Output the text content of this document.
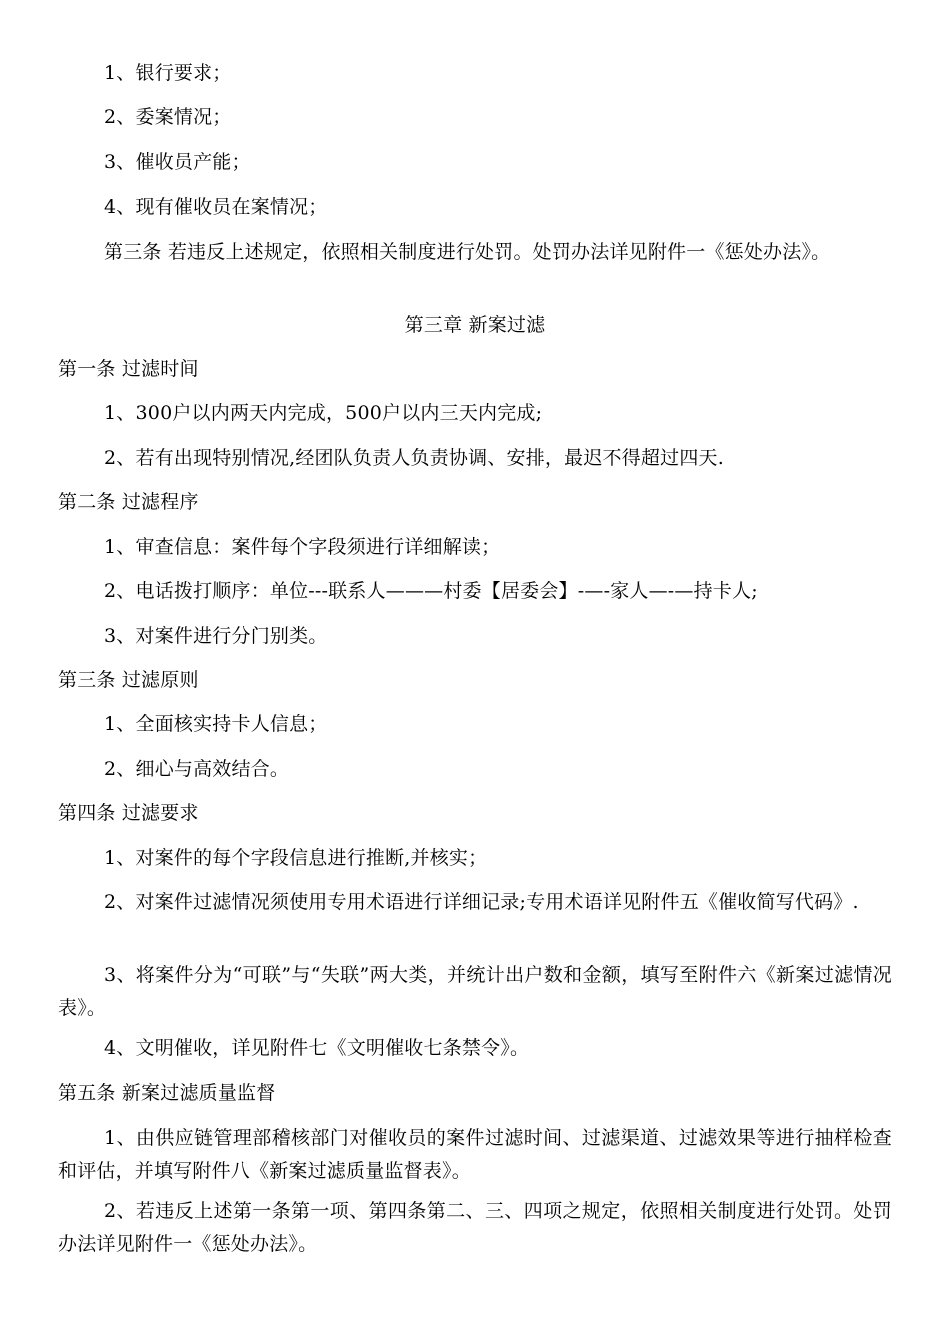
1、银行要求；
2、委案情况；
3、催收员产能；
4、现有催收员在案情况；
第三条 若违反上述规定，依照相关制度进行处罚。处罚办法详见附件一《惩处办法》。
第三章 新案过滤
第一条 过滤时间
1、300户以内两天内完成，500户以内三天内完成;
2、若有出现特别情况,经团队负责人负责协调、安排，最迟不得超过四天.
第二条 过滤程序
1、审查信息：案件每个字段须进行详细解读；
2、电话拨打顺序：单位---联系人———村委【居委会】-—-家人—-—持卡人;
3、对案件进行分门别类。
第三条 过滤原则
1、全面核实持卡人信息；
2、细心与高效结合。
第四条 过滤要求
1、对案件的每个字段信息进行推断,并核实；
2、对案件过滤情况须使用专用术语进行详细记录;专用术语详见附件五《催收简写代码》.
3、将案件分为“可联”与“失联”两大类，并统计出户数和金额，填写至附件六《新案过滤情况表》。
4、文明催收，详见附件七《文明催收七条禁令》。
第五条 新案过滤质量监督
1、由供应链管理部稽核部门对催收员的案件过滤时间、过滤渠道、过滤效果等进行抽样检查和评估，并填写附件八《新案过滤质量监督表》。
2、若违反上述第一条第一项、第四条第二、三、四项之规定，依照相关制度进行处罚。处罚办法详见附件一《惩处办法》。
